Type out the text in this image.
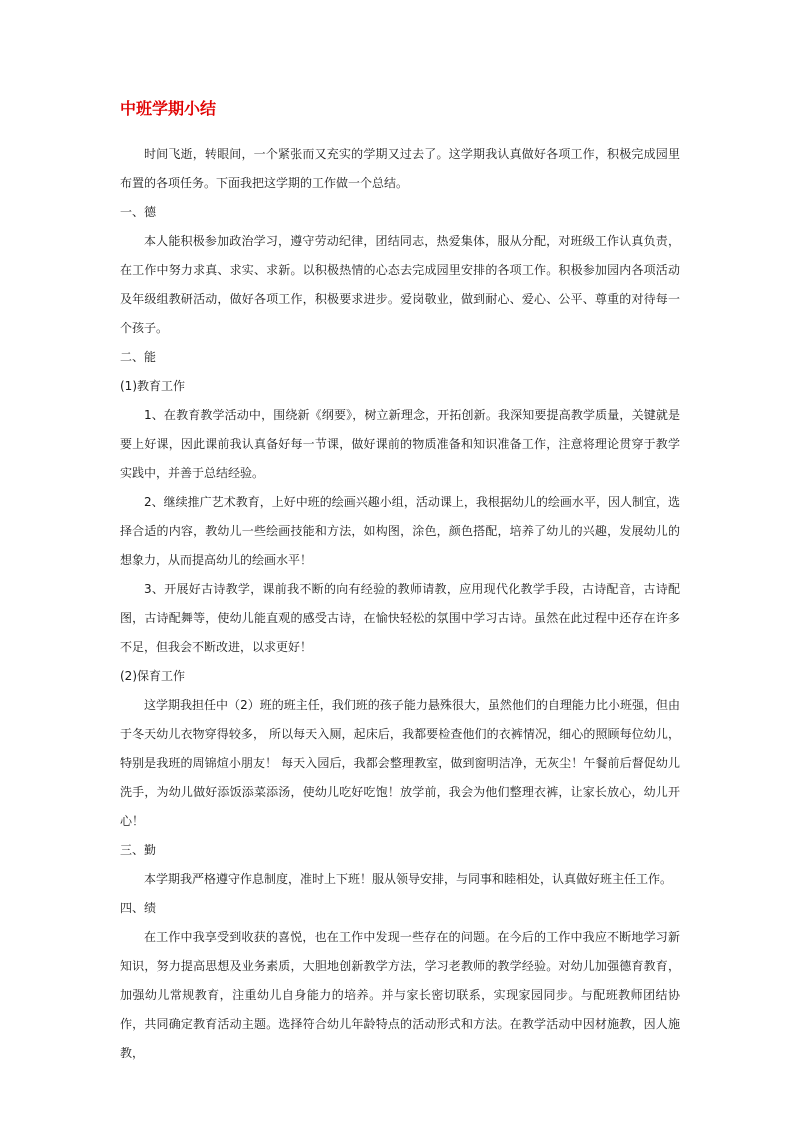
中班学期小结

时间飞逝，转眼间，一个紧张而又充实的学期又过去了。这学期我认真做好各项工作，积极完成园里布置的各项任务。下面我把这学期的工作做一个总结。

一、德

本人能积极参加政治学习，遵守劳动纪律，团结同志，热爱集体，服从分配，对班级工作认真负责，在工作中努力求真、求实、求新。以积极热情的心态去完成园里安排的各项工作。积极参加园内各项活动及年级组教研活动，做好各项工作，积极要求进步。爱岗敬业，做到耐心、爱心、公平、尊重的对待每一个孩子。

二、能

(1)教育工作

1、在教育教学活动中，围绕新《纲要》，树立新理念，开拓创新。我深知要提高教学质量，关键就是要上好课，因此课前我认真备好每一节课，做好课前的物质准备和知识准备工作，注意将理论贯穿于教学实践中，并善于总结经验。

2、继续推广艺术教育，上好中班的绘画兴趣小组，活动课上，我根据幼儿的绘画水平，因人制宜，选择合适的内容，教幼儿一些绘画技能和方法，如构图，涂色，颜色搭配，培养了幼儿的兴趣，发展幼儿的想象力，从而提高幼儿的绘画水平！

3、开展好古诗教学，课前我不断的向有经验的教师请教，应用现代化教学手段，古诗配音，古诗配图，古诗配舞等，使幼儿能直观的感受古诗，在愉快轻松的氛围中学习古诗。虽然在此过程中还存在许多不足，但我会不断改进，以求更好！

(2)保育工作

这学期我担任中（2）班的班主任，我们班的孩子能力悬殊很大，虽然他们的自理能力比小班强，但由于冬天幼儿衣物穿得较多， 所以每天入厕，起床后，我都要检查他们的衣裤情况，细心的照顾每位幼儿，特别是我班的周锦煊小朋友！ 每天入园后，我都会整理教室，做到窗明洁净，无灰尘！午餐前后督促幼儿洗手，为幼儿做好添饭添菜添汤，使幼儿吃好吃饱！放学前，我会为他们整理衣裤，让家长放心，幼儿开心！

三、勤

本学期我严格遵守作息制度，准时上下班！服从领导安排，与同事和睦相处，认真做好班主任工作。

四、绩

在工作中我享受到收获的喜悦，也在工作中发现一些存在的问题。在今后的工作中我应不断地学习新知识，努力提高思想及业务素质，大胆地创新教学方法，学习老教师的教学经验。对幼儿加强德育教育，加强幼儿常规教育，注重幼儿自身能力的培养。并与家长密切联系，实现家园同步。与配班教师团结协作，共同确定教育活动主题。选择符合幼儿年龄特点的活动形式和方法。在教学活动中因材施教，因人施教，
